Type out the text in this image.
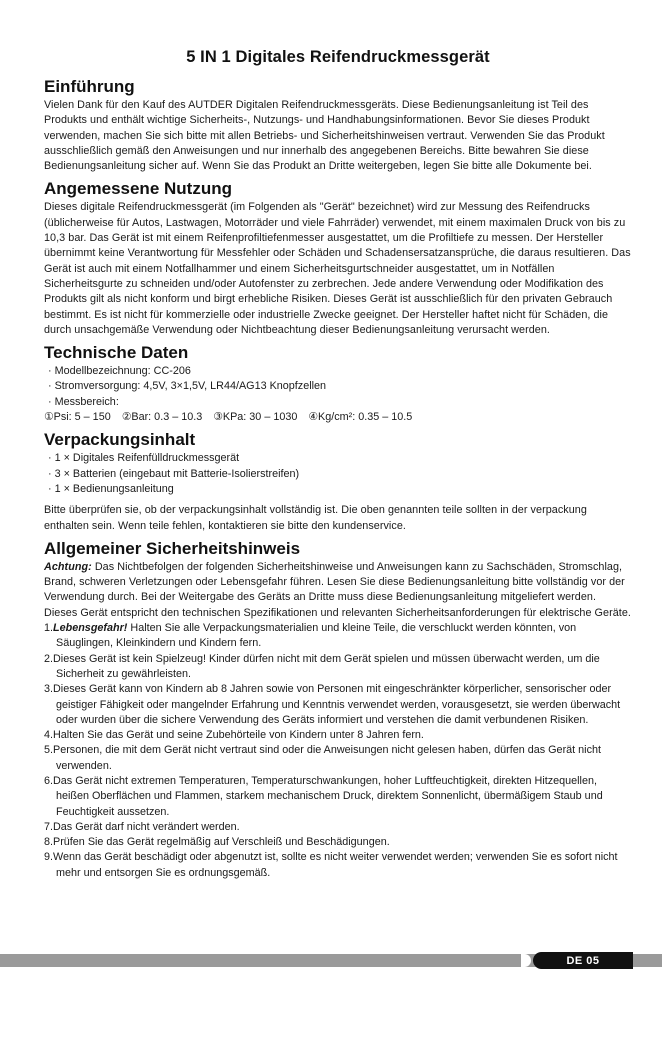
5 IN 1 Digitales Reifendruckmessgerät
Einführung

Vielen Dank für den Kauf des AUTDER Digitalen Reifendruckmessgeräts. Diese Bedienungsanleitung ist Teil des Produkts und enthält wichtige Sicherheits-, Nutzungs- und Handhabungsinformationen. Bevor Sie dieses Produkt verwenden, machen Sie sich bitte mit allen Betriebs- und Sicherheitshinweisen vertraut. Verwenden Sie das Produkt ausschließlich gemäß den Anweisungen und nur innerhalb des angegebenen Bereichs. Bitte bewahren Sie diese Bedienungsanleitung sicher auf. Wenn Sie das Produkt an Dritte weitergeben, legen Sie bitte alle Dokumente bei.

Angemessene Nutzung

Dieses digitale Reifendruckmessgerät (im Folgenden als "Gerät" bezeichnet) wird zur Messung des Reifendrucks (üblicherweise für Autos, Lastwagen, Motorräder und viele Fahrräder) verwendet, mit einem maximalen Druck von bis zu 10,3 bar. Das Gerät ist mit einem Reifenprofiltiefenmesser ausgestattet, um die Profiltiefe zu messen. Der Hersteller übernimmt keine Verantwortung für Messfehler oder Schäden und Schadensersatzansprüche, die daraus resultieren. Das Gerät ist auch mit einem Notfallhammer und einem Sicherheitsgurtschneider ausgestattet, um in Notfällen Sicherheitsgurte zu schneiden und/oder Autofenster zu zerbrechen. Jede andere Verwendung oder Modifikation des Produkts gilt als nicht konform und birgt erhebliche Risiken. Dieses Gerät ist ausschließlich für den privaten Gebrauch bestimmt. Es ist nicht für kommerzielle oder industrielle Zwecke geeignet. Der Hersteller haftet nicht für Schäden, die durch unsachgemäße Verwendung oder Nichtbeachtung dieser Bedienungsanleitung verursacht werden.

Technische Daten
· Modellbezeichnung: CC-206
· Stromversorgung: 4,5V, 3×1,5V, LR44/AG13 Knopfzellen
· Messbereich:

①Psi: 5 – 150 ②Bar: 0.3 – 10.3 ③KPa: 30 – 1030 ④Kg/cm²: 0.35 – 10.5

Verpackungsinhalt
· 1 × Digitales Reifenfülldruckmessgerät
· 3 × Batterien (eingebaut mit Batterie-Isolierstreifen)
· 1 × Bedienungsanleitung

Bitte überprüfen sie, ob der verpackungsinhalt vollständig ist. Die oben genannten teile sollten in der verpackung enthalten sein. Wenn teile fehlen, kontaktieren sie bitte den kundenservice.

Allgemeiner Sicherheitshinweis

Achtung: Das Nichtbefolgen der folgenden Sicherheitshinweise und Anweisungen kann zu Sachschäden, Stromschlag, Brand, schweren Verletzungen oder Lebensgefahr führen. Lesen Sie diese Bedienungsanleitung bitte vollständig vor der Verwendung durch. Bei der Weitergabe des Geräts an Dritte muss diese Bedienungsanleitung mitgeliefert werden. Dieses Gerät entspricht den technischen Spezifikationen und relevanten Sicherheitsanforderungen für elektrische Geräte.

1.Lebensgefahr! Halten Sie alle Verpackungsmaterialien und kleine Teile, die verschluckt werden könnten, von Säuglingen, Kleinkindern und Kindern fern.
2.Dieses Gerät ist kein Spielzeug! Kinder dürfen nicht mit dem Gerät spielen und müssen überwacht werden, um die Sicherheit zu gewährleisten.
3.Dieses Gerät kann von Kindern ab 8 Jahren sowie von Personen mit eingeschränkter körperlicher, sensorischer oder geistiger Fähigkeit oder mangelnder Erfahrung und Kenntnis verwendet werden, vorausgesetzt, sie werden überwacht oder wurden über die sichere Verwendung des Geräts informiert und verstehen die damit verbundenen Risiken.
4.Halten Sie das Gerät und seine Zubehörteile von Kindern unter 8 Jahren fern.
5.Personen, die mit dem Gerät nicht vertraut sind oder die Anweisungen nicht gelesen haben, dürfen das Gerät nicht verwenden.
6.Das Gerät nicht extremen Temperaturen, Temperaturschwankungen, hoher Luftfeuchtigkeit, direkten Hitzequellen, heißen Oberflächen und Flammen, starkem mechanischem Druck, direktem Sonnenlicht, übermäßigem Staub und Feuchtigkeit aussetzen.
7.Das Gerät darf nicht verändert werden.
8.Prüfen Sie das Gerät regelmäßig auf Verschleiß und Beschädigungen.
9.Wenn das Gerät beschädigt oder abgenutzt ist, sollte es nicht weiter verwendet werden; verwenden Sie es sofort nicht mehr und entsorgen Sie es ordnungsgemäß.
DE 05
